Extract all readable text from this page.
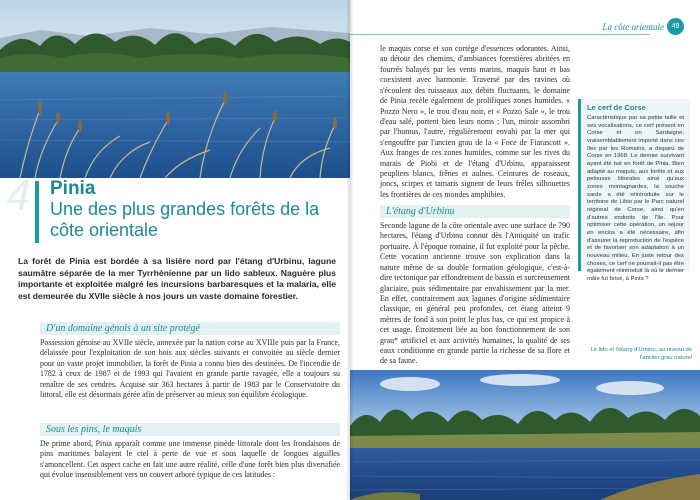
4 Pinia
Une des plus grandes forêts de la côte orientale

La forêt de Pinia est bordée à sa lisière nord par l'étang d'Urbinu, lagune saumâtre séparée de la mer Tyrrhénienne par un lido sableux. Naguère plus importante et exploitée malgré les incursions barbaresques et la malaria, elle est demeurée du XVIIe siècle à nos jours un vaste domaine forestier.

D'un domaine génois à un site protégé

Possession génoise au XVIIe siècle, annexée par la nation corse au XVIIIe puis par la France, délaissée pour l'exploitation de son bois aux siècles suivants et convoitée au siècle dernier pour un vaste projet immobilier, la forêt de Pinia a connu bien des destinées. De l'incendie de 1782 à ceux de 1987 et de 1993 qui l'avaient en grande partie ravagée, elle a toujours su renaître de ses cendres. Acquise sur 363 hectares à partir de 1983 par le Conservatoire du littoral, elle est désormais gérée afin de préserver au mieux son équilibre écologique.

Sous les pins, le maquis

De prime abord, Pinia apparaît comme une immense pinède littorale dont les frondaisons de pins maritimes balayent le ciel à perte de vue et sous laquelle de longues aiguilles s'amoncellent. Cet aspect cache en fait une autre réalité, celle d'une forêt bien plus diversifiée qui évolue insensiblement vers un couvert arboré typique de ces latitudes :

La côte orientale	49

le maquis corse et son cortège d'essences odorantes. Ainsi, au détour des chemins, d'ambiances forestières abritées en fourrés balayés par les vents marins, maquis haut et bas coexistent avec harmonie. Traversé par des ravines où s'écoulent des ruisseaux aux débits fluctuants, le domaine de Pinia recèle également de prolifiques zones humides. « Pozzo Nero », le trou d'eau noir, et « Pozzo Sale », le trou d'eau salé, portent bien leurs noms ; l'un, miroir assombri par l'humus, l'autre, régulièrement envahi par la mer qui s'engouffre par l'ancien grau de la « Foce de Fiarascott ». Aux franges de ces zones humides, comme sur les rives du marais de Piobi et de l'étang d'Urbinu, apparaissent peupliers blancs, frênes et aulnes. Ceintures de roseaux, joncs, scirpes et tamaris signent de leurs frêles silhouettes les frontières de ces mondes amphibies.

L'étang d'Urbinu

Seconde lagune de la côte orientale avec une surface de 790 hectares, l'étang d'Urbinu connut dès l'Antiquité un trafic portuaire. À l'époque romaine, il fut exploité pour la pêche. Cette vocation ancienne trouve son explication dans la nature même de sa double formation géologique, c'est-à-dire tectonique par effondrement de bassin et surcreusement glaciaire, puis sédimentaire par envahissement par la mer. En effet, contrairement aux lagunes d'origine sédimentaire classique, en général peu profondes, cet étang atteint 9 mètres de fond à son point le plus bas, ce qui est propice à cet usage. Étroitement liée au bon fonctionnement de son grau* artificiel et aux activités humaines, la qualité de ses eaux conditionne en grande partie la richesse de sa flore et de sa faune.

Le cerf de Corse

Caractéristique par sa petite taille et ses vocalisations, ce cerf présent en Corse et en Sardaigne, vraisemblablement importé dans ces îles par les Romains, a disparu de Corse en 1968. Le dernier survivant ayant été tué en forêt de Pinia. Bien adapté au maquis, aux forêts et aux pelouses littorales ainsi qu'aux zones montagnardes, la souche sarde a été réintroduite sur le territoire de Libio par le Parc naturel régional de Corse, ainsi qu'en d'autres endroits de l'île. Pour optimiser cette opération, un séjour en enclos a été nécessaire, afin d'assurer la reproduction de l'espèce et de favoriser son adaptation à un nouveau milieu. En juste retour des choses, ce cerf ne pourrait-il pas être également réintroduit là où le dernier mâle fut brisé, à Pinia ?

Le lido et l'étang d'Urbinu, au niveau de l'ancien grau naturel
